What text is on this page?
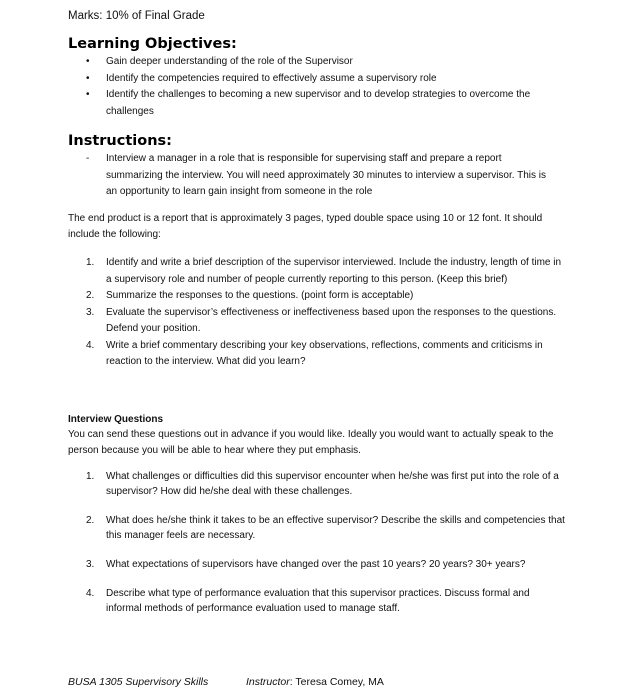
Marks: 10% of Final Grade
Learning Objectives:
•	Gain deeper understanding of the role of the Supervisor
•	Identify the competencies required to effectively assume a supervisory role
•	Identify the challenges to becoming a new supervisor and to develop strategies to overcome the challenges
Instructions:
-	Interview a manager in a role that is responsible for supervising staff and prepare a report summarizing the interview. You will need approximately 30 minutes to interview a supervisor. This is an opportunity to learn gain insight from someone in the role
The end product is a report that is approximately 3 pages, typed double space using 10 or 12 font. It should include the following:
1. Identify and write a brief description of the supervisor interviewed. Include the industry, length of time in a supervisory role and number of people currently reporting to this person. (Keep this brief)
2. Summarize the responses to the questions. (point form is acceptable)
3. Evaluate the supervisor’s effectiveness or ineffectiveness based upon the responses to the questions. Defend your position.
4. Write a brief commentary describing your key observations, reflections, comments and criticisms in reaction to the interview. What did you learn?
Interview Questions
You can send these questions out in advance if you would like. Ideally you would want to actually speak to the person because you will be able to hear where they put emphasis.
1. What challenges or difficulties did this supervisor encounter when he/she was first put into the role of a supervisor? How did he/she deal with these challenges.
2. What does he/she think it takes to be an effective supervisor? Describe the skills and competencies that this manager feels are necessary.
3. What expectations of supervisors have changed over the past 10 years? 20 years? 30+ years?
4. Describe what type of performance evaluation that this supervisor practices. Discuss formal and informal methods of performance evaluation used to manage staff.
BUSA 1305 Supervisory Skills	Instructor: Teresa Comey, MA
